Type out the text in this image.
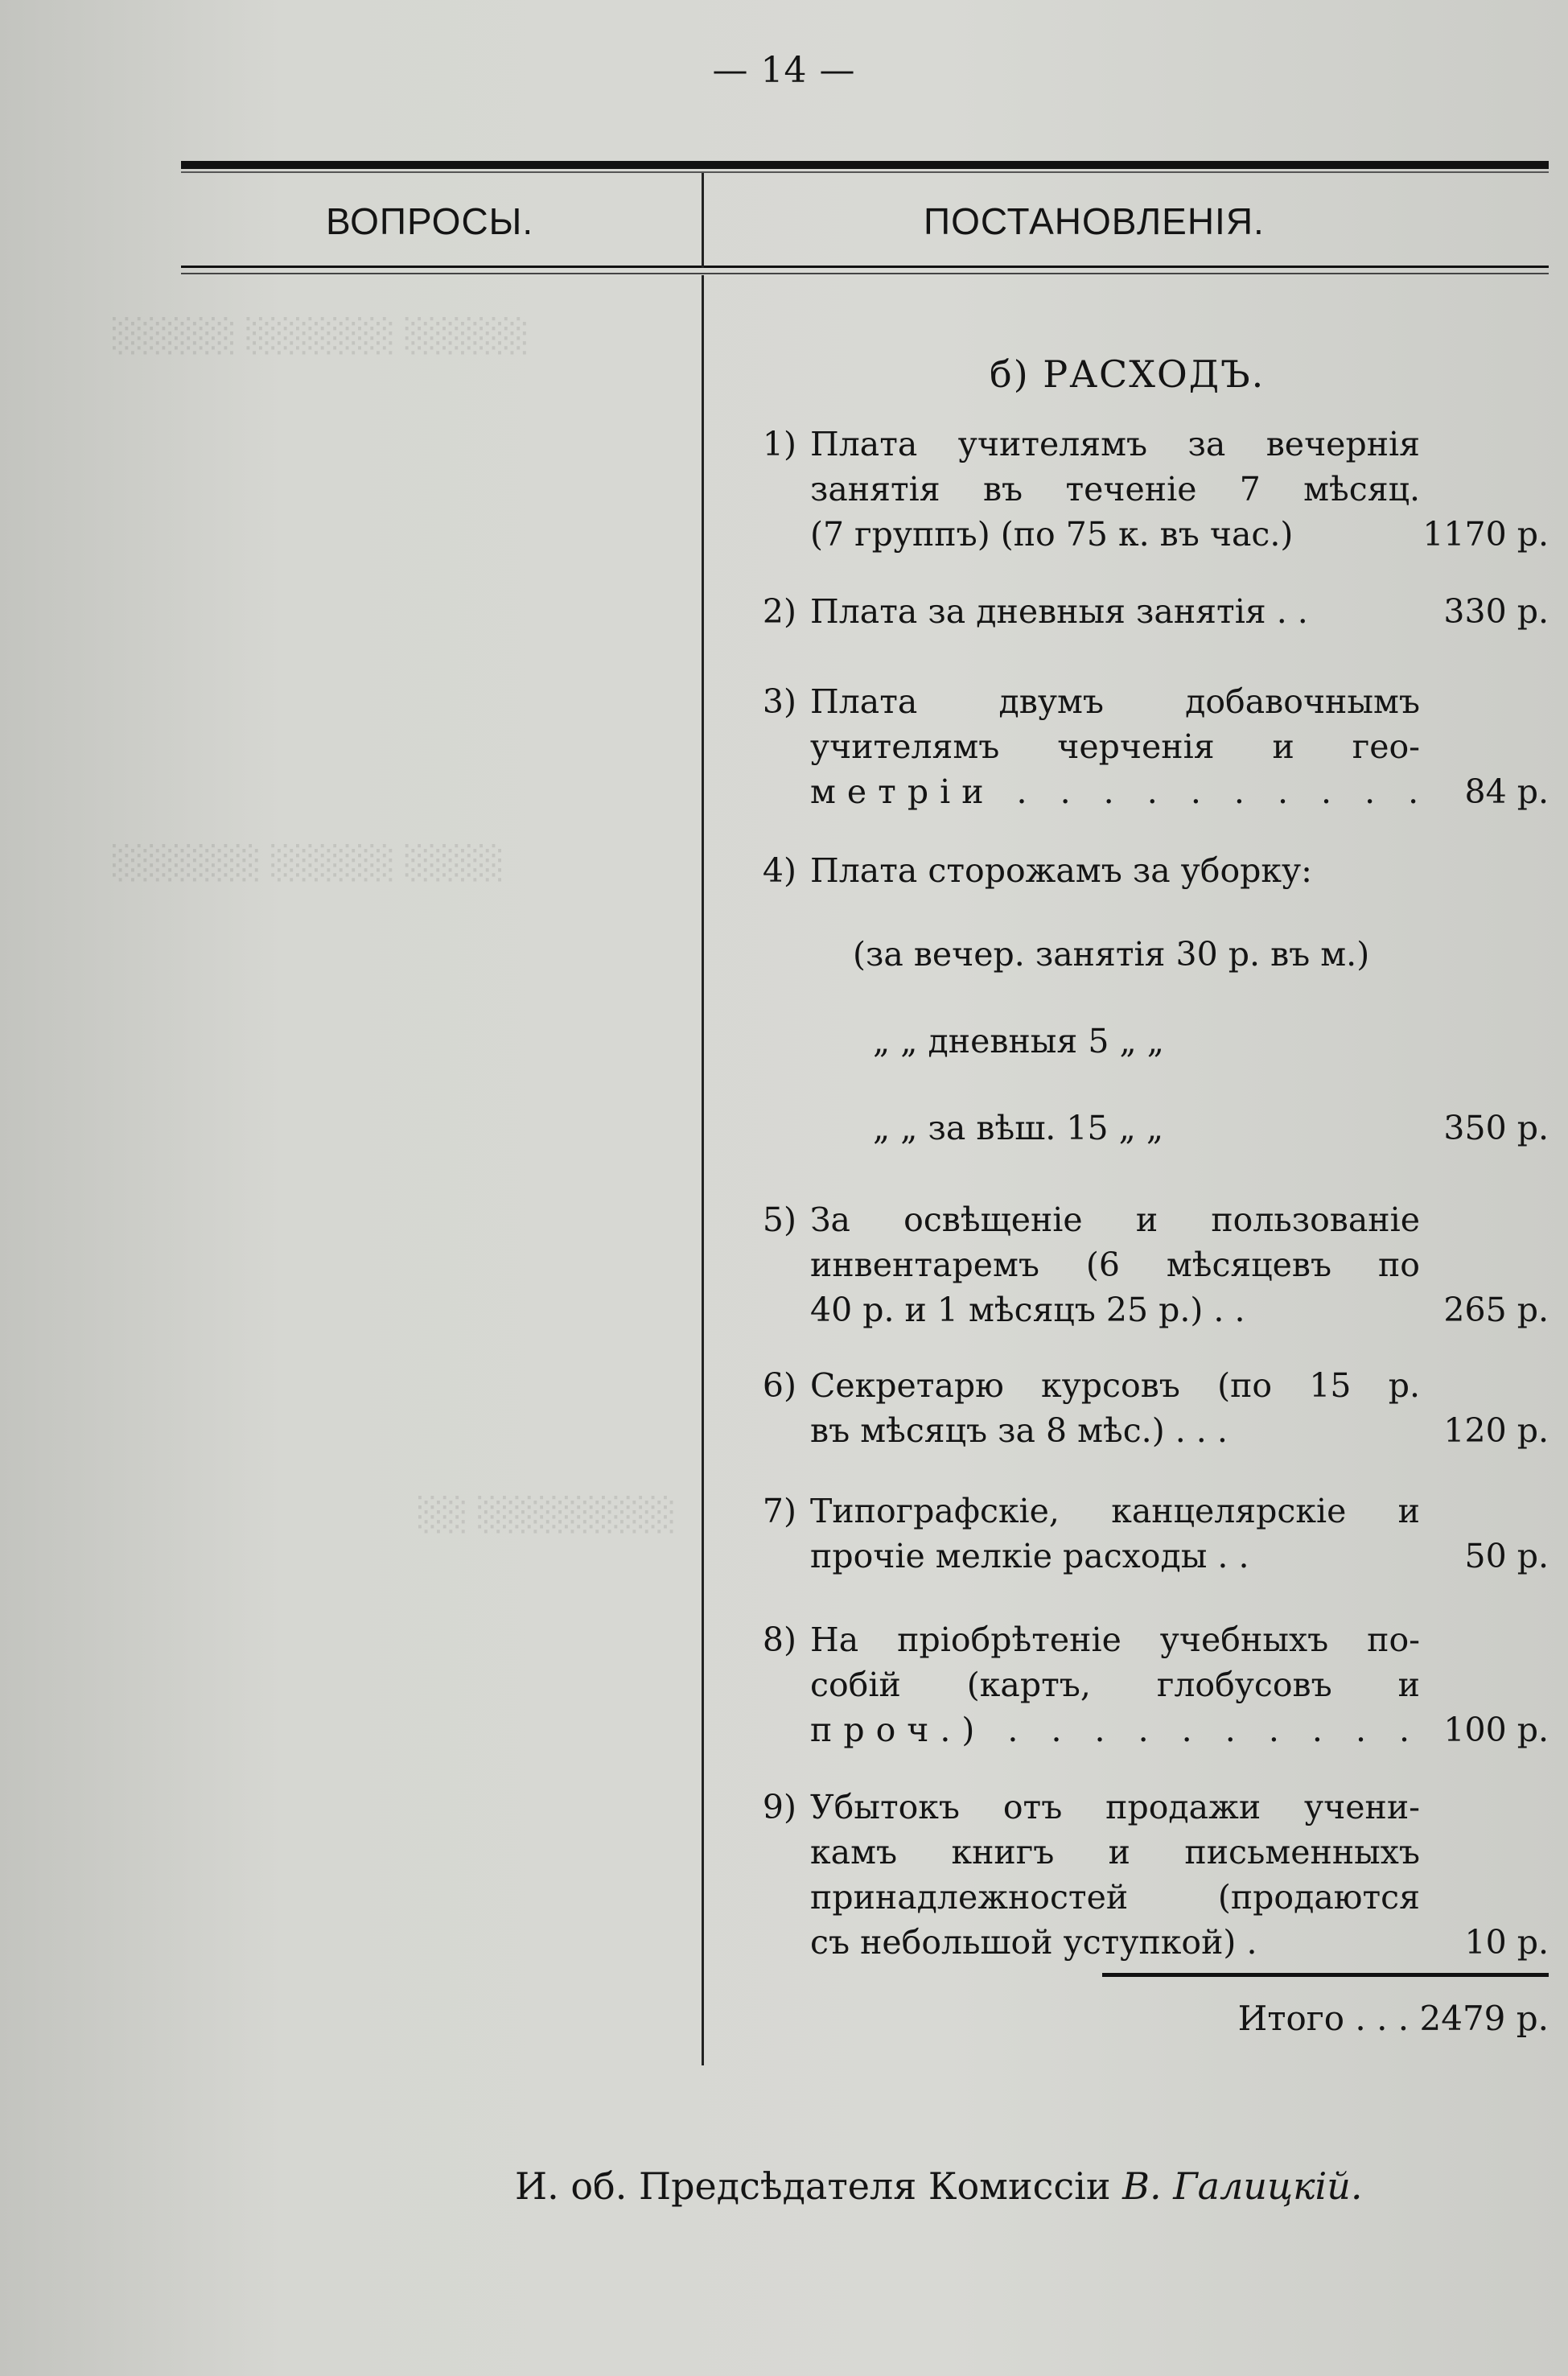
░░░░░ ░░░░░░ ░░░░░
░░░░░░ ░░░░░ ░░░░
░░ ░░░░░░░░
— 14 —
ВОПРОСЫ.	ПОСТАНОВЛЕНІЯ.
б) РАСХОДЪ.
1) Плата учителямъ за вечернія
занятія въ теченіе 7 мѣсяц.
(7 группъ) (по 75 к. въ час.)	1170 р.
2) Плата за дневныя занятія . .	330 р.
3) Плата двумъ добавочнымъ
учителямъ черченія и гео-
метріи . . . . . . . . . . 84 р.
4) Плата сторожамъ за уборку:
(за вечер. занятія 30 р. въ м.)
„ „ дневныя 5 „ „
„ „ за вѣш. 15 „ „	350 р.
5) За освѣщеніе и пользованіе
инвентаремъ (6 мѣсяцевъ по
40 р. и 1 мѣсяцъ 25 р.) . .	265 р.
6) Секретарю курсовъ (по 15 р.
въ мѣсяцъ за 8 мѣс.) . . .	120 р.
7) Типографскіе, канцелярскіе и
прочіе мелкіе расходы . .	50 р.
8) На пріобрѣтеніе учебныхъ по-
собій (картъ, глобусовъ и
проч.) . . . . . . . . . . 100 р.
9) Убытокъ отъ продажи учени-
камъ книгъ и письменныхъ
принадлежностей (продаются
съ небольшой уступкой) .	10 р.
Итого . . . 2479 р.
И. об. Предсѣдателя Комиссіи В. Галицкій.
